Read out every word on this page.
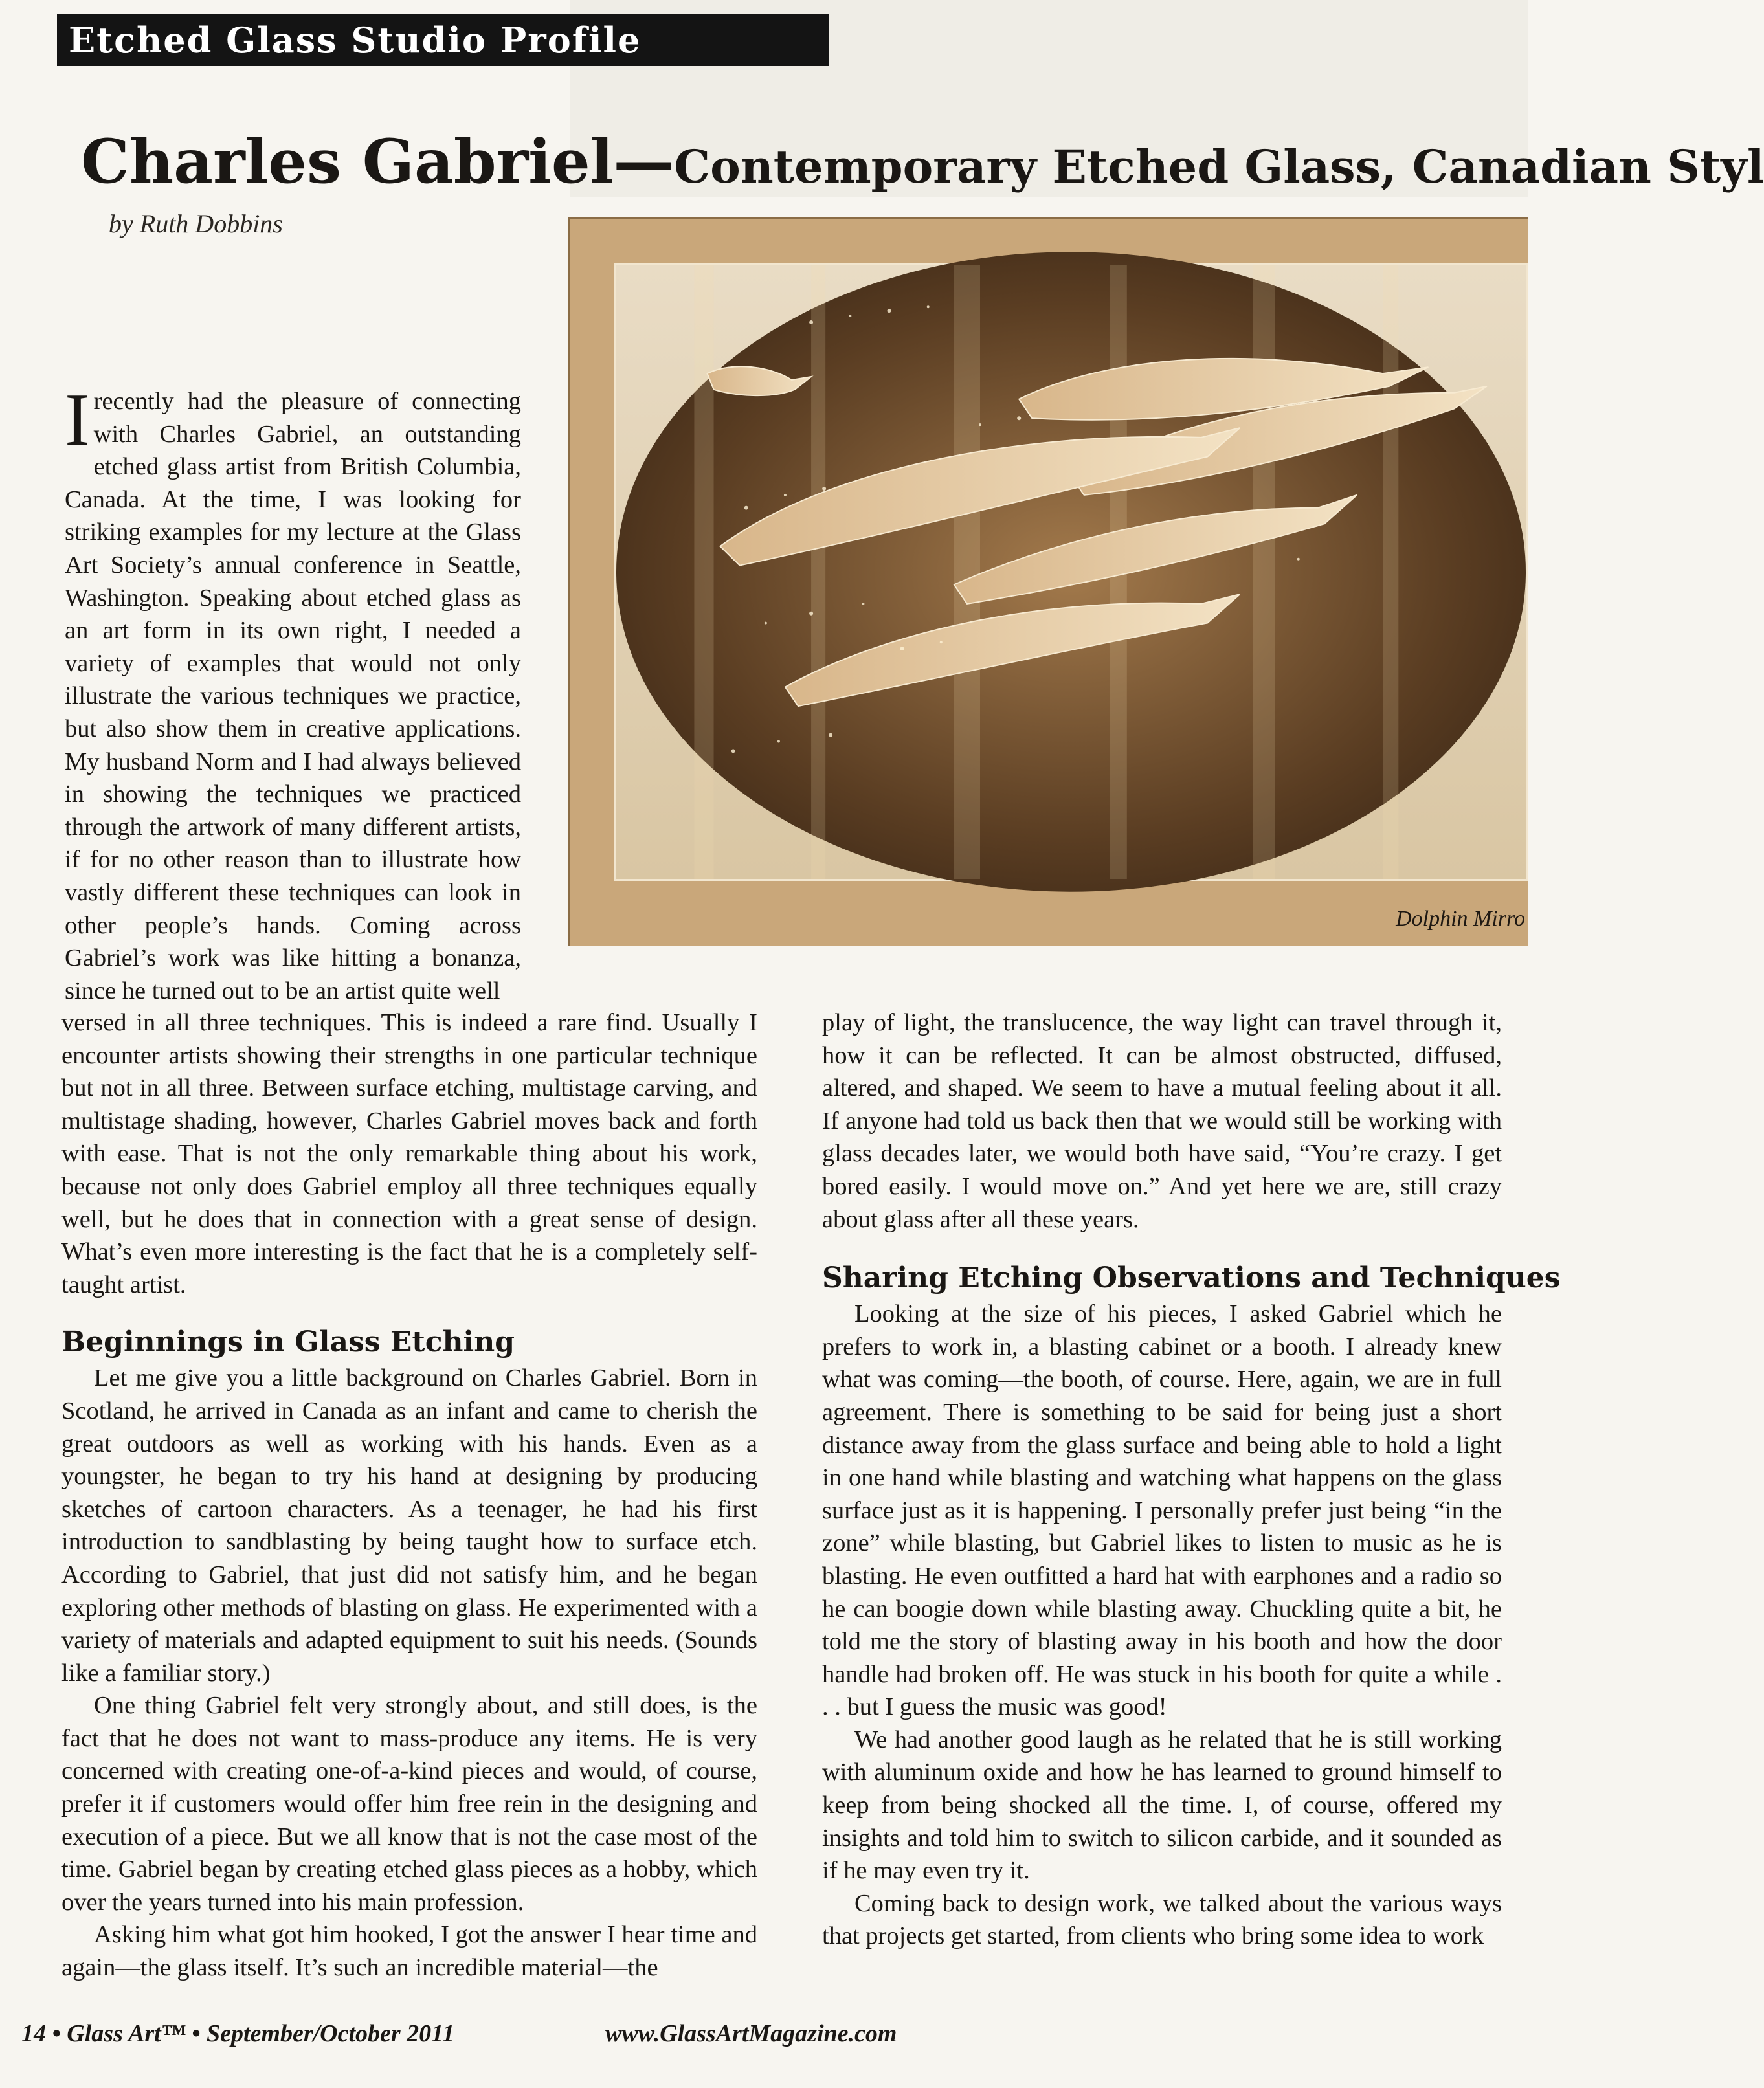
Etched Glass Studio Profile
Charles Gabriel—Contemporary Etched Glass, Canadian Styl
by Ruth Dobbins
Dolphin Mirro

Irecently had the pleasure of connecting with Charles Gabriel, an outstanding etched glass artist from British Columbia, Canada. At the time, I was looking for striking examples for my lecture at the Glass Art Society’s annual conference in Seattle, Washington. Speaking about etched glass as an art form in its own right, I needed a variety of examples that would not only illustrate the various techniques we practice, but also show them in creative applications. My husband Norm and I had always believed in showing the techniques we practiced through the artwork of many different artists, if for no other reason than to illustrate how vastly different these techniques can look in other people’s hands. Coming across Gabriel’s work was like hitting a bonanza, since he turned out to be an artist quite well

versed in all three techniques. This is indeed a rare find. Usually I encounter artists showing their strengths in one particular technique but not in all three. Between surface etching, multistage carving, and multistage shading, however, Charles Gabriel moves back and forth with ease. That is not the only remarkable thing about his work, because not only does Gabriel employ all three techniques equally well, but he does that in connection with a great sense of design. What’s even more interesting is the fact that he is a completely self-taught artist.

Beginnings in Glass Etching

Let me give you a little background on Charles Gabriel. Born in Scotland, he arrived in Canada as an infant and came to cherish the great outdoors as well as working with his hands. Even as a youngster, he began to try his hand at designing by producing sketches of cartoon characters. As a teenager, he had his first introduction to sandblasting by being taught how to surface etch. According to Gabriel, that just did not satisfy him, and he began exploring other methods of blasting on glass. He experimented with a variety of materials and adapted equipment to suit his needs. (Sounds like a familiar story.)

One thing Gabriel felt very strongly about, and still does, is the fact that he does not want to mass-produce any items. He is very concerned with creating one-of-a-kind pieces and would, of course, prefer it if customers would offer him free rein in the designing and execution of a piece. But we all know that is not the case most of the time. Gabriel began by creating etched glass pieces as a hobby, which over the years turned into his main profession.

Asking him what got him hooked, I got the answer I hear time and again—the glass itself. It’s such an incredible material—the

play of light, the translucence, the way light can travel through it, how it can be reflected. It can be almost obstructed, diffused, altered, and shaped. We seem to have a mutual feeling about it all. If anyone had told us back then that we would still be working with glass decades later, we would both have said, “You’re crazy. I get bored easily. I would move on.” And yet here we are, still crazy about glass after all these years.

Sharing Etching Observations and Techniques

Looking at the size of his pieces, I asked Gabriel which he prefers to work in, a blasting cabinet or a booth. I already knew what was coming—the booth, of course. Here, again, we are in full agreement. There is something to be said for being just a short distance away from the glass surface and being able to hold a light in one hand while blasting and watching what happens on the glass surface just as it is happening. I personally prefer just being “in the zone” while blasting, but Gabriel likes to listen to music as he is blasting. He even outfitted a hard hat with earphones and a radio so he can boogie down while blasting away. Chuckling quite a bit, he told me the story of blasting away in his booth and how the door handle had broken off. He was stuck in his booth for quite a while . . . but I guess the music was good!

We had another good laugh as he related that he is still working with aluminum oxide and how he has learned to ground himself to keep from being shocked all the time. I, of course, offered my insights and told him to switch to silicon carbide, and it sounded as if he may even try it.

Coming back to design work, we talked about the various ways that projects get started, from clients who bring some idea to work

14 • Glass Art™ • September/October 2011	www.GlassArtMagazine.com
